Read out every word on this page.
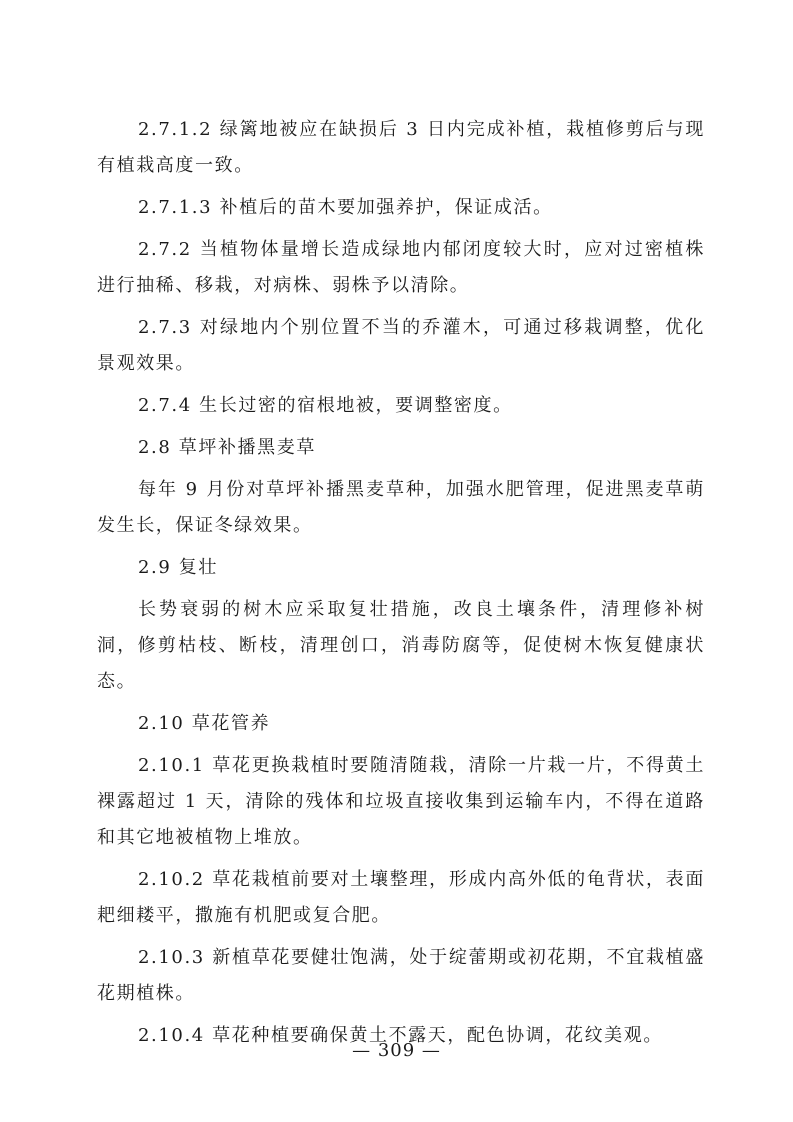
2.7.1.2 绿篱地被应在缺损后 3 日内完成补植，栽植修剪后与现有植栽高度一致。

2.7.1.3 补植后的苗木要加强养护，保证成活。

2.7.2 当植物体量增长造成绿地内郁闭度较大时，应对过密植株进行抽稀、移栽，对病株、弱株予以清除。

2.7.3 对绿地内个别位置不当的乔灌木，可通过移栽调整，优化景观效果。

2.7.4 生长过密的宿根地被，要调整密度。

2.8 草坪补播黑麦草

每年 9 月份对草坪补播黑麦草种，加强水肥管理，促进黑麦草萌发生长，保证冬绿效果。

2.9 复壮

长势衰弱的树木应采取复壮措施，改良土壤条件，清理修补树洞，修剪枯枝、断枝，清理创口，消毒防腐等，促使树木恢复健康状态。

2.10 草花管养

2.10.1 草花更换栽植时要随清随栽，清除一片栽一片，不得黄土裸露超过 1 天，清除的残体和垃圾直接收集到运输车内，不得在道路和其它地被植物上堆放。

2.10.2 草花栽植前要对土壤整理，形成内高外低的龟背状，表面耙细耧平，撒施有机肥或复合肥。

2.10.3 新植草花要健壮饱满，处于绽蕾期或初花期，不宜栽植盛花期植株。

2.10.4 草花种植要确保黄土不露天，配色协调，花纹美观。

— 309 —
